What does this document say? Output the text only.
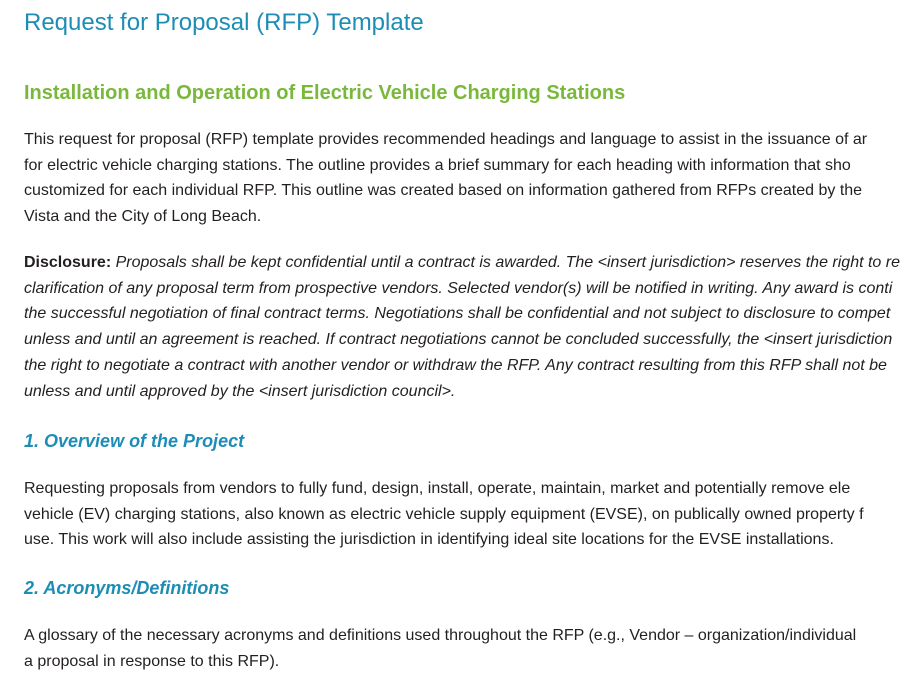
Request for Proposal (RFP) Template
Installation and Operation of Electric Vehicle Charging Stations

This request for proposal (RFP) template provides recommended headings and language to assist in the issuance of ar
for electric vehicle charging stations. The outline provides a brief summary for each heading with information that sho
customized for each individual RFP. This outline was created based on information gathered from RFPs created by the
Vista and the City of Long Beach.

Disclosure: Proposals shall be kept confidential until a contract is awarded. The <insert jurisdiction> reserves the right to re
clarification of any proposal term from prospective vendors. Selected vendor(s) will be notified in writing. Any award is conti
the successful negotiation of final contract terms. Negotiations shall be confidential and not subject to disclosure to compet
unless and until an agreement is reached. If contract negotiations cannot be concluded successfully, the <insert jurisdiction
the right to negotiate a contract with another vendor or withdraw the RFP. Any contract resulting from this RFP shall not be
unless and until approved by the <insert jurisdiction council>.

1. Overview of the Project

Requesting proposals from vendors to fully fund, design, install, operate, maintain, market and potentially remove ele
vehicle (EV) charging stations, also known as electric vehicle supply equipment (EVSE), on publically owned property f
use. This work will also include assisting the jurisdiction in identifying ideal site locations for the EVSE installations.

2. Acronyms/Definitions

A glossary of the necessary acronyms and definitions used throughout the RFP (e.g., Vendor – organization/individual
a proposal in response to this RFP).
